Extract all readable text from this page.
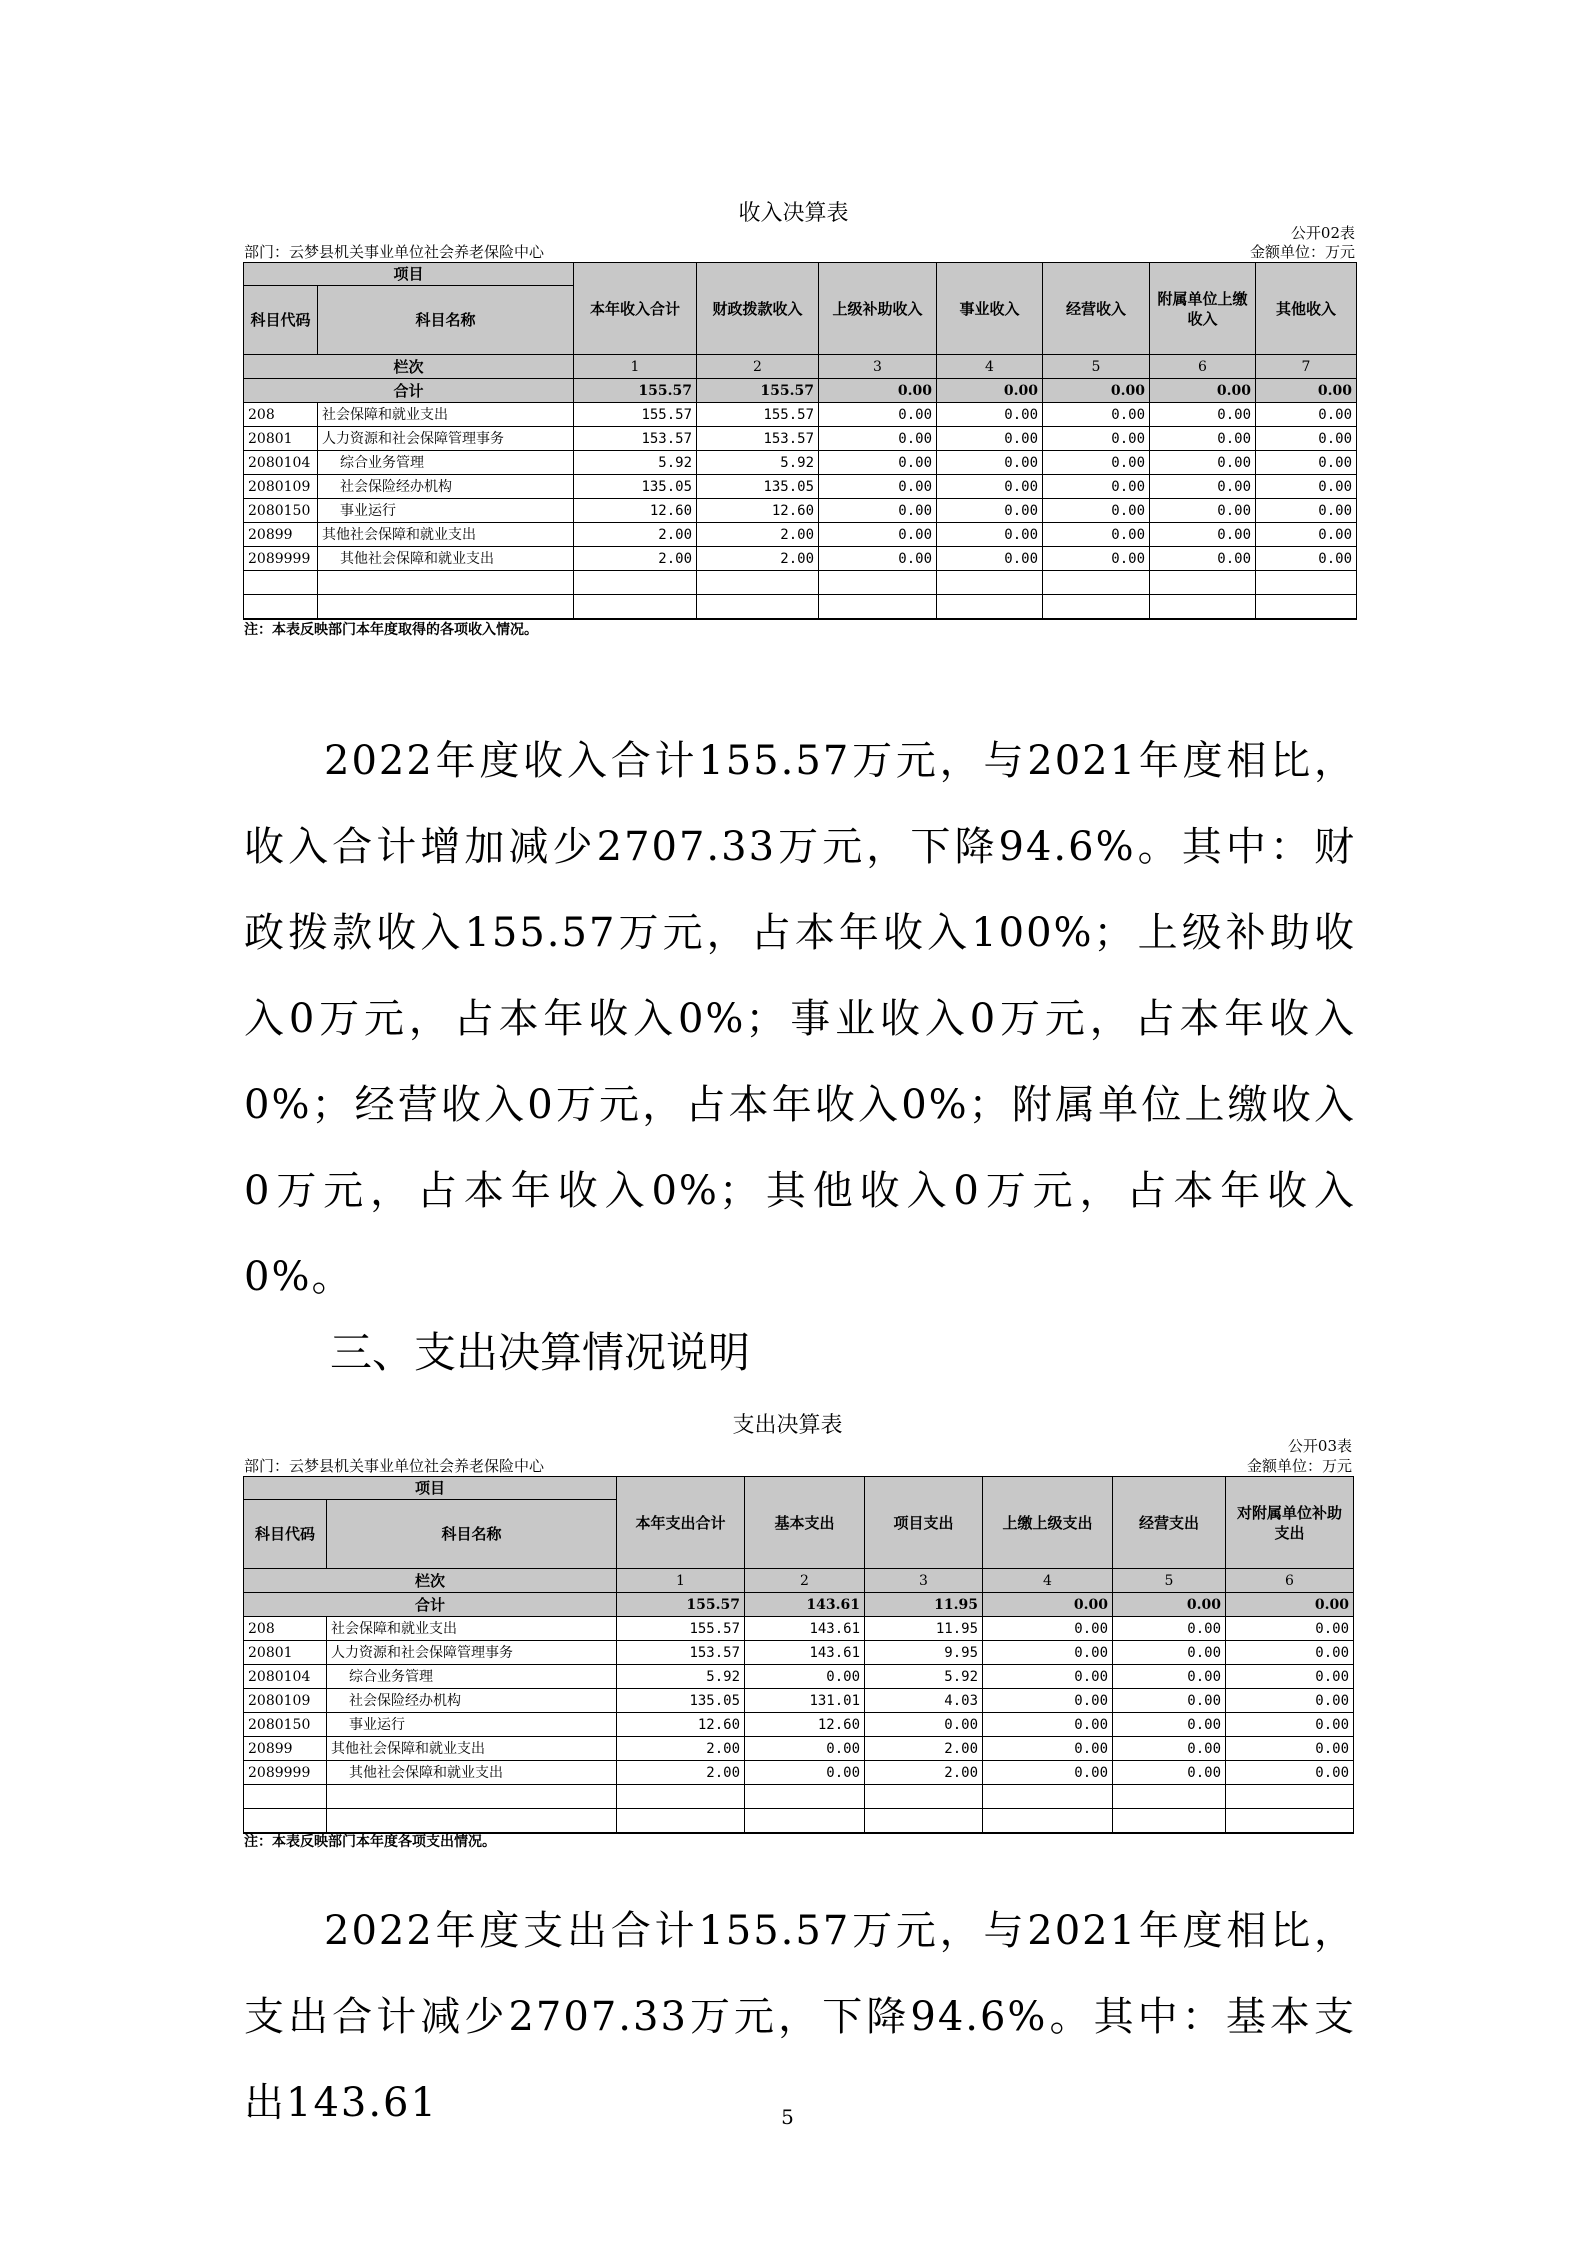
收入决算表
公开02表
部门：云梦县机关事业单位社会养老保险中心	金额单位：万元
项目		本年收入合计	财政拨款收入	上级补助收入	事业收入	经营收入	附属单位上缴收入	其他收入
科目代码	科目名称							
栏次		1	2	3	4	5	6	7
合计		155.57	155.57	0.00	0.00	0.00	0.00	0.00
208	社会保障和就业支出	155.57	155.57	0.00	0.00	0.00	0.00	0.00
20801	人力资源和社会保障管理事务	153.57	153.57	0.00	0.00	0.00	0.00	0.00
2080104	综合业务管理	5.92	5.92	0.00	0.00	0.00	0.00	0.00
2080109	社会保险经办机构	135.05	135.05	0.00	0.00	0.00	0.00	0.00
2080150	事业运行	12.60	12.60	0.00	0.00	0.00	0.00	0.00
20899	其他社会保障和就业支出	2.00	2.00	0.00	0.00	0.00	0.00	0.00
2089999	其他社会保障和就业支出	2.00	2.00	0.00	0.00	0.00	0.00	0.00

注：本表反映部门本年度取得的各项收入情况。
2022年度收入合计155.57万元，与2021年度相比，收入合计增加减少2707.33万元，下降94.6%。其中：财政拨款收入155.57万元，占本年收入100%；上级补助收入0万元，占本年收入0%；事业收入0万元，占本年收入0%；经营收入0万元，占本年收入0%；附属单位上缴收入0万元，占本年收入0%；其他收入0万元，占本年收入0%。
三、支出决算情况说明
支出决算表
公开03表
部门：云梦县机关事业单位社会养老保险中心	金额单位：万元
项目		本年支出合计	基本支出	项目支出	上缴上级支出	经营支出	对附属单位补助支出
科目代码	科目名称						
栏次		1	2	3	4	5	6
合计		155.57	143.61	11.95	0.00	0.00	0.00
208	社会保障和就业支出	155.57	143.61	11.95	0.00	0.00	0.00
20801	人力资源和社会保障管理事务	153.57	143.61	9.95	0.00	0.00	0.00
2080104	综合业务管理	5.92	0.00	5.92	0.00	0.00	0.00
2080109	社会保险经办机构	135.05	131.01	4.03	0.00	0.00	0.00
2080150	事业运行	12.60	12.60	0.00	0.00	0.00	0.00
20899	其他社会保障和就业支出	2.00	0.00	2.00	0.00	0.00	0.00
2089999	其他社会保障和就业支出	2.00	0.00	2.00	0.00	0.00	0.00

注：本表反映部门本年度各项支出情况。
2022年度支出合计155.57万元，与2021年度相比，支出合计减少2707.33万元，下降94.6%。其中：基本支出143.61	5
